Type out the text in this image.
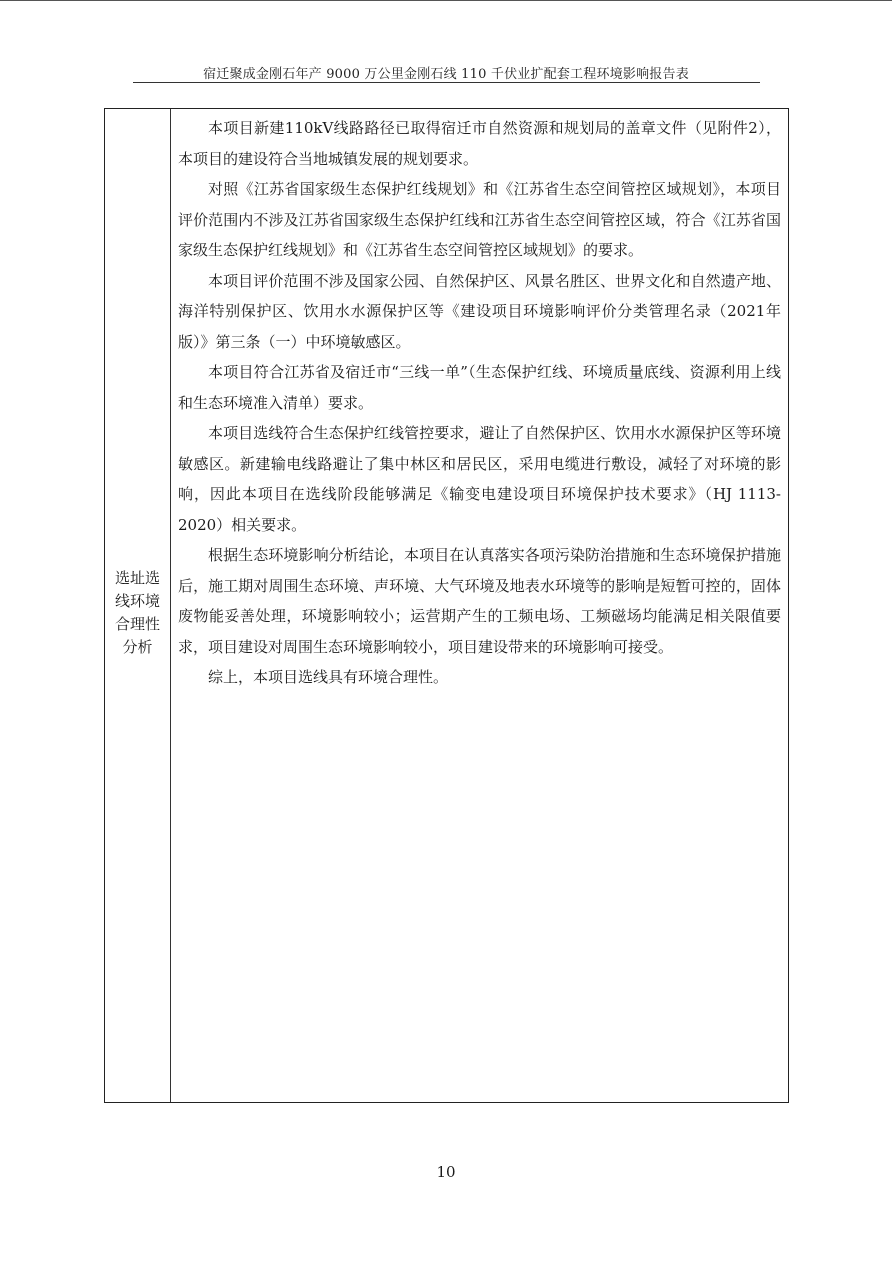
宿迁聚成金刚石年产 9000 万公里金刚石线 110 千伏业扩配套工程环境影响报告表
选址选
线环境
合理性
分析

本项目新建110kV线路路径已取得宿迁市自然资源和规划局的盖章文件（见附件2），本项目的建设符合当地城镇发展的规划要求。

对照《江苏省国家级生态保护红线规划》和《江苏省生态空间管控区域规划》，本项目评价范围内不涉及江苏省国家级生态保护红线和江苏省生态空间管控区域，符合《江苏省国家级生态保护红线规划》和《江苏省生态空间管控区域规划》的要求。

本项目评价范围不涉及国家公园、自然保护区、风景名胜区、世界文化和自然遗产地、海洋特别保护区、饮用水水源保护区等《建设项目环境影响评价分类管理名录（2021年版）》第三条（一）中环境敏感区。

本项目符合江苏省及宿迁市“三线一单”（生态保护红线、环境质量底线、资源利用上线和生态环境准入清单）要求。

本项目选线符合生态保护红线管控要求，避让了自然保护区、饮用水水源保护区等环境敏感区。新建输电线路避让了集中林区和居民区，采用电缆进行敷设，减轻了对环境的影响，因此本项目在选线阶段能够满足《输变电建设项目环境保护技术要求》（HJ 1113-2020）相关要求。

根据生态环境影响分析结论，本项目在认真落实各项污染防治措施和生态环境保护措施后，施工期对周围生态环境、声环境、大气环境及地表水环境等的影响是短暂可控的，固体废物能妥善处理，环境影响较小；运营期产生的工频电场、工频磁场均能满足相关限值要求，项目建设对周围生态环境影响较小，项目建设带来的环境影响可接受。

综上，本项目选线具有环境合理性。

10
